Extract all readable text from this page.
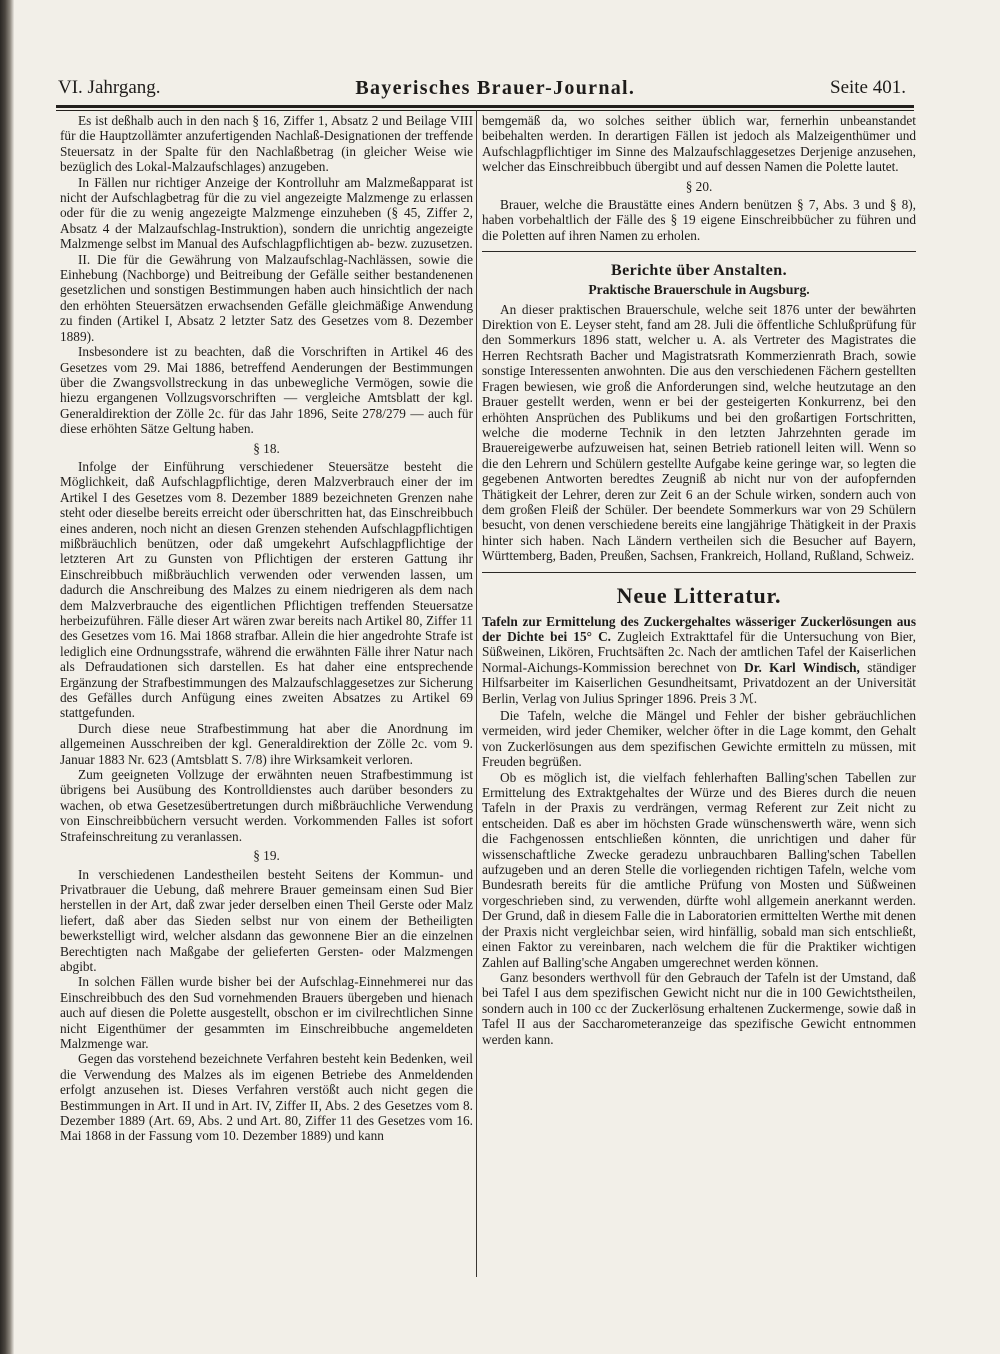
VI. Jahrgang.	Bayerisches Brauer-Journal.	Seite 401.

Es ist deßhalb auch in den nach § 16, Ziffer 1, Absatz 2 und Beilage VIII für die Hauptzollämter anzufertigenden Nachlaß-Designationen der treffende Steuersatz in der Spalte für den Nachlaßbetrag (in gleicher Weise wie bezüglich des Lokal-Malzaufschlages) anzugeben.

In Fällen nur richtiger Anzeige der Kontrolluhr am Malzmeßapparat ist nicht der Aufschlagbetrag für die zu viel angezeigte Malzmenge zu erlassen oder für die zu wenig angezeigte Malzmenge einzuheben (§ 45, Ziffer 2, Absatz 4 der Malzaufschlag-Instruktion), sondern die unrichtig angezeigte Malzmenge selbst im Manual des Aufschlagpflichtigen ab- bezw. zuzusetzen.

II. Die für die Gewährung von Malzaufschlag-Nachlässen, sowie die Einhebung (Nachborge) und Beitreibung der Gefälle seither bestandenenen gesetzlichen und sonstigen Bestimmungen haben auch hinsichtlich der nach den erhöhten Steuersätzen erwachsenden Gefälle gleichmäßige Anwendung zu finden (Artikel I, Absatz 2 letzter Satz des Gesetzes vom 8. Dezember 1889).

Insbesondere ist zu beachten, daß die Vorschriften in Artikel 46 des Gesetzes vom 29. Mai 1886, betreffend Aenderungen der Bestimmungen über die Zwangsvollstreckung in das unbewegliche Vermögen, sowie die hiezu ergangenen Vollzugsvorschriften — vergleiche Amtsblatt der kgl. Generaldirektion der Zölle 2c. für das Jahr 1896, Seite 278/279 — auch für diese erhöhten Sätze Geltung haben.

§ 18.

Infolge der Einführung verschiedener Steuersätze besteht die Möglichkeit, daß Aufschlagpflichtige, deren Malzverbrauch einer der im Artikel I des Gesetzes vom 8. Dezember 1889 bezeichneten Grenzen nahe steht oder dieselbe bereits erreicht oder überschritten hat, das Einschreibbuch eines anderen, noch nicht an diesen Grenzen stehenden Aufschlagpflichtigen mißbräuchlich benützen, oder daß umgekehrt Aufschlagpflichtige der letzteren Art zu Gunsten von Pflichtigen der ersteren Gattung ihr Einschreibbuch mißbräuchlich verwenden oder verwenden lassen, um dadurch die Anschreibung des Malzes zu einem niedrigeren als dem nach dem Malzverbrauche des eigentlichen Pflichtigen treffenden Steuersatze herbeizuführen. Fälle dieser Art wären zwar bereits nach Artikel 80, Ziffer 11 des Gesetzes vom 16. Mai 1868 strafbar. Allein die hier angedrohte Strafe ist lediglich eine Ordnungsstrafe, während die erwähnten Fälle ihrer Natur nach als Defraudationen sich darstellen. Es hat daher eine entsprechende Ergänzung der Strafbestimmungen des Malzaufschlaggesetzes zur Sicherung des Gefälles durch Anfügung eines zweiten Absatzes zu Artikel 69 stattgefunden.

Durch diese neue Strafbestimmung hat aber die Anordnung im allgemeinen Ausschreiben der kgl. Generaldirektion der Zölle 2c. vom 9. Januar 1883 Nr. 623 (Amtsblatt S. 7/8) ihre Wirksamkeit verloren.

Zum geeigneten Vollzuge der erwähnten neuen Strafbestimmung ist übrigens bei Ausübung des Kontrolldienstes auch darüber besonders zu wachen, ob etwa Gesetzesübertretungen durch mißbräuchliche Verwendung von Einschreibbüchern versucht werden. Vorkommenden Falles ist sofort Strafeinschreitung zu veranlassen.

§ 19.

In verschiedenen Landestheilen besteht Seitens der Kommun- und Privatbrauer die Uebung, daß mehrere Brauer gemeinsam einen Sud Bier herstellen in der Art, daß zwar jeder derselben einen Theil Gerste oder Malz liefert, daß aber das Sieden selbst nur von einem der Betheiligten bewerkstelligt wird, welcher alsdann das gewonnene Bier an die einzelnen Berechtigten nach Maßgabe der gelieferten Gersten- oder Malzmengen abgibt.

In solchen Fällen wurde bisher bei der Aufschlag-Einnehmerei nur das Einschreibbuch des den Sud vornehmenden Brauers übergeben und hienach auch auf diesen die Polette ausgestellt, obschon er im civilrechtlichen Sinne nicht Eigenthümer der gesammten im Einschreibbuche angemeldeten Malzmenge war.

Gegen das vorstehend bezeichnete Verfahren besteht kein Bedenken, weil die Verwendung des Malzes als im eigenen Betriebe des Anmeldenden erfolgt anzusehen ist. Dieses Verfahren verstößt auch nicht gegen die Bestimmungen in Art. II und in Art. IV, Ziffer II, Abs. 2 des Gesetzes vom 8. Dezember 1889 (Art. 69, Abs. 2 und Art. 80, Ziffer 11 des Gesetzes vom 16. Mai 1868 in der Fassung vom 10. Dezember 1889) und kann

bemgemäß da, wo solches seither üblich war, fernerhin unbeanstandet beibehalten werden. In derartigen Fällen ist jedoch als Malzeigenthümer und Aufschlagpflichtiger im Sinne des Malzaufschlaggesetzes Derjenige anzusehen, welcher das Einschreibbuch übergibt und auf dessen Namen die Polette lautet.

§ 20.

Brauer, welche die Braustätte eines Andern benützen § 7, Abs. 3 und § 8), haben vorbehaltlich der Fälle des § 19 eigene Einschreibbücher zu führen und die Poletten auf ihren Namen zu erholen.

Berichte über Anstalten.
Praktische Brauerschule in Augsburg.

An dieser praktischen Brauerschule, welche seit 1876 unter der bewährten Direktion von E. Leyser steht, fand am 28. Juli die öffentliche Schlußprüfung für den Sommerkurs 1896 statt, welcher u. A. als Vertreter des Magistrates die Herren Rechtsrath Bacher und Magistratsrath Kommerzienrath Brach, sowie sonstige Interessenten anwohnten. Die aus den verschiedenen Fächern gestellten Fragen bewiesen, wie groß die Anforderungen sind, welche heutzutage an den Brauer gestellt werden, wenn er bei der gesteigerten Konkurrenz, bei den erhöhten Ansprüchen des Publikums und bei den großartigen Fortschritten, welche die moderne Technik in den letzten Jahrzehnten gerade im Brauereigewerbe aufzuweisen hat, seinen Betrieb rationell leiten will. Wenn so die den Lehrern und Schülern gestellte Aufgabe keine geringe war, so legten die gegebenen Antworten beredtes Zeugniß ab nicht nur von der aufopfernden Thätigkeit der Lehrer, deren zur Zeit 6 an der Schule wirken, sondern auch von dem großen Fleiß der Schüler. Der beendete Sommerkurs war von 29 Schülern besucht, von denen verschiedene bereits eine langjährige Thätigkeit in der Praxis hinter sich haben. Nach Ländern vertheilen sich die Besucher auf Bayern, Württemberg, Baden, Preußen, Sachsen, Frankreich, Holland, Rußland, Schweiz.

Neue Litteratur.

Tafeln zur Ermittelung des Zuckergehaltes wässeriger Zuckerlösungen aus der Dichte bei 15° C. Zugleich Extrakttafel für die Untersuchung von Bier, Süßweinen, Likören, Fruchtsäften 2c. Nach der amtlichen Tafel der Kaiserlichen Normal-Aichungs-Kommission berechnet von Dr. Karl Windisch, ständiger Hilfsarbeiter im Kaiserlichen Gesundheitsamt, Privatdozent an der Universität Berlin, Verlag von Julius Springer 1896. Preis 3 ℳ.

Die Tafeln, welche die Mängel und Fehler der bisher gebräuchlichen vermeiden, wird jeder Chemiker, welcher öfter in die Lage kommt, den Gehalt von Zuckerlösungen aus dem spezifischen Gewichte ermitteln zu müssen, mit Freuden begrüßen.

Ob es möglich ist, die vielfach fehlerhaften Balling'schen Tabellen zur Ermittelung des Extraktgehaltes der Würze und des Bieres durch die neuen Tafeln in der Praxis zu verdrängen, vermag Referent zur Zeit nicht zu entscheiden. Daß es aber im höchsten Grade wünschenswerth wäre, wenn sich die Fachgenossen entschließen könnten, die unrichtigen und daher für wissenschaftliche Zwecke geradezu unbrauchbaren Balling'schen Tabellen aufzugeben und an deren Stelle die vorliegenden richtigen Tafeln, welche vom Bundesrath bereits für die amtliche Prüfung von Mosten und Süßweinen vorgeschrieben sind, zu verwenden, dürfte wohl allgemein anerkannt werden. Der Grund, daß in diesem Falle die in Laboratorien ermittelten Werthe mit denen der Praxis nicht vergleichbar seien, wird hinfällig, sobald man sich entschließt, einen Faktor zu vereinbaren, nach welchem die für die Praktiker wichtigen Zahlen auf Balling'sche Angaben umgerechnet werden können.

Ganz besonders werthvoll für den Gebrauch der Tafeln ist der Umstand, daß bei Tafel I aus dem spezifischen Gewicht nicht nur die in 100 Gewichtstheilen, sondern auch in 100 cc der Zuckerlösung erhaltenen Zuckermenge, sowie daß in Tafel II aus der Saccharometeranzeige das spezifische Gewicht entnommen werden kann.
